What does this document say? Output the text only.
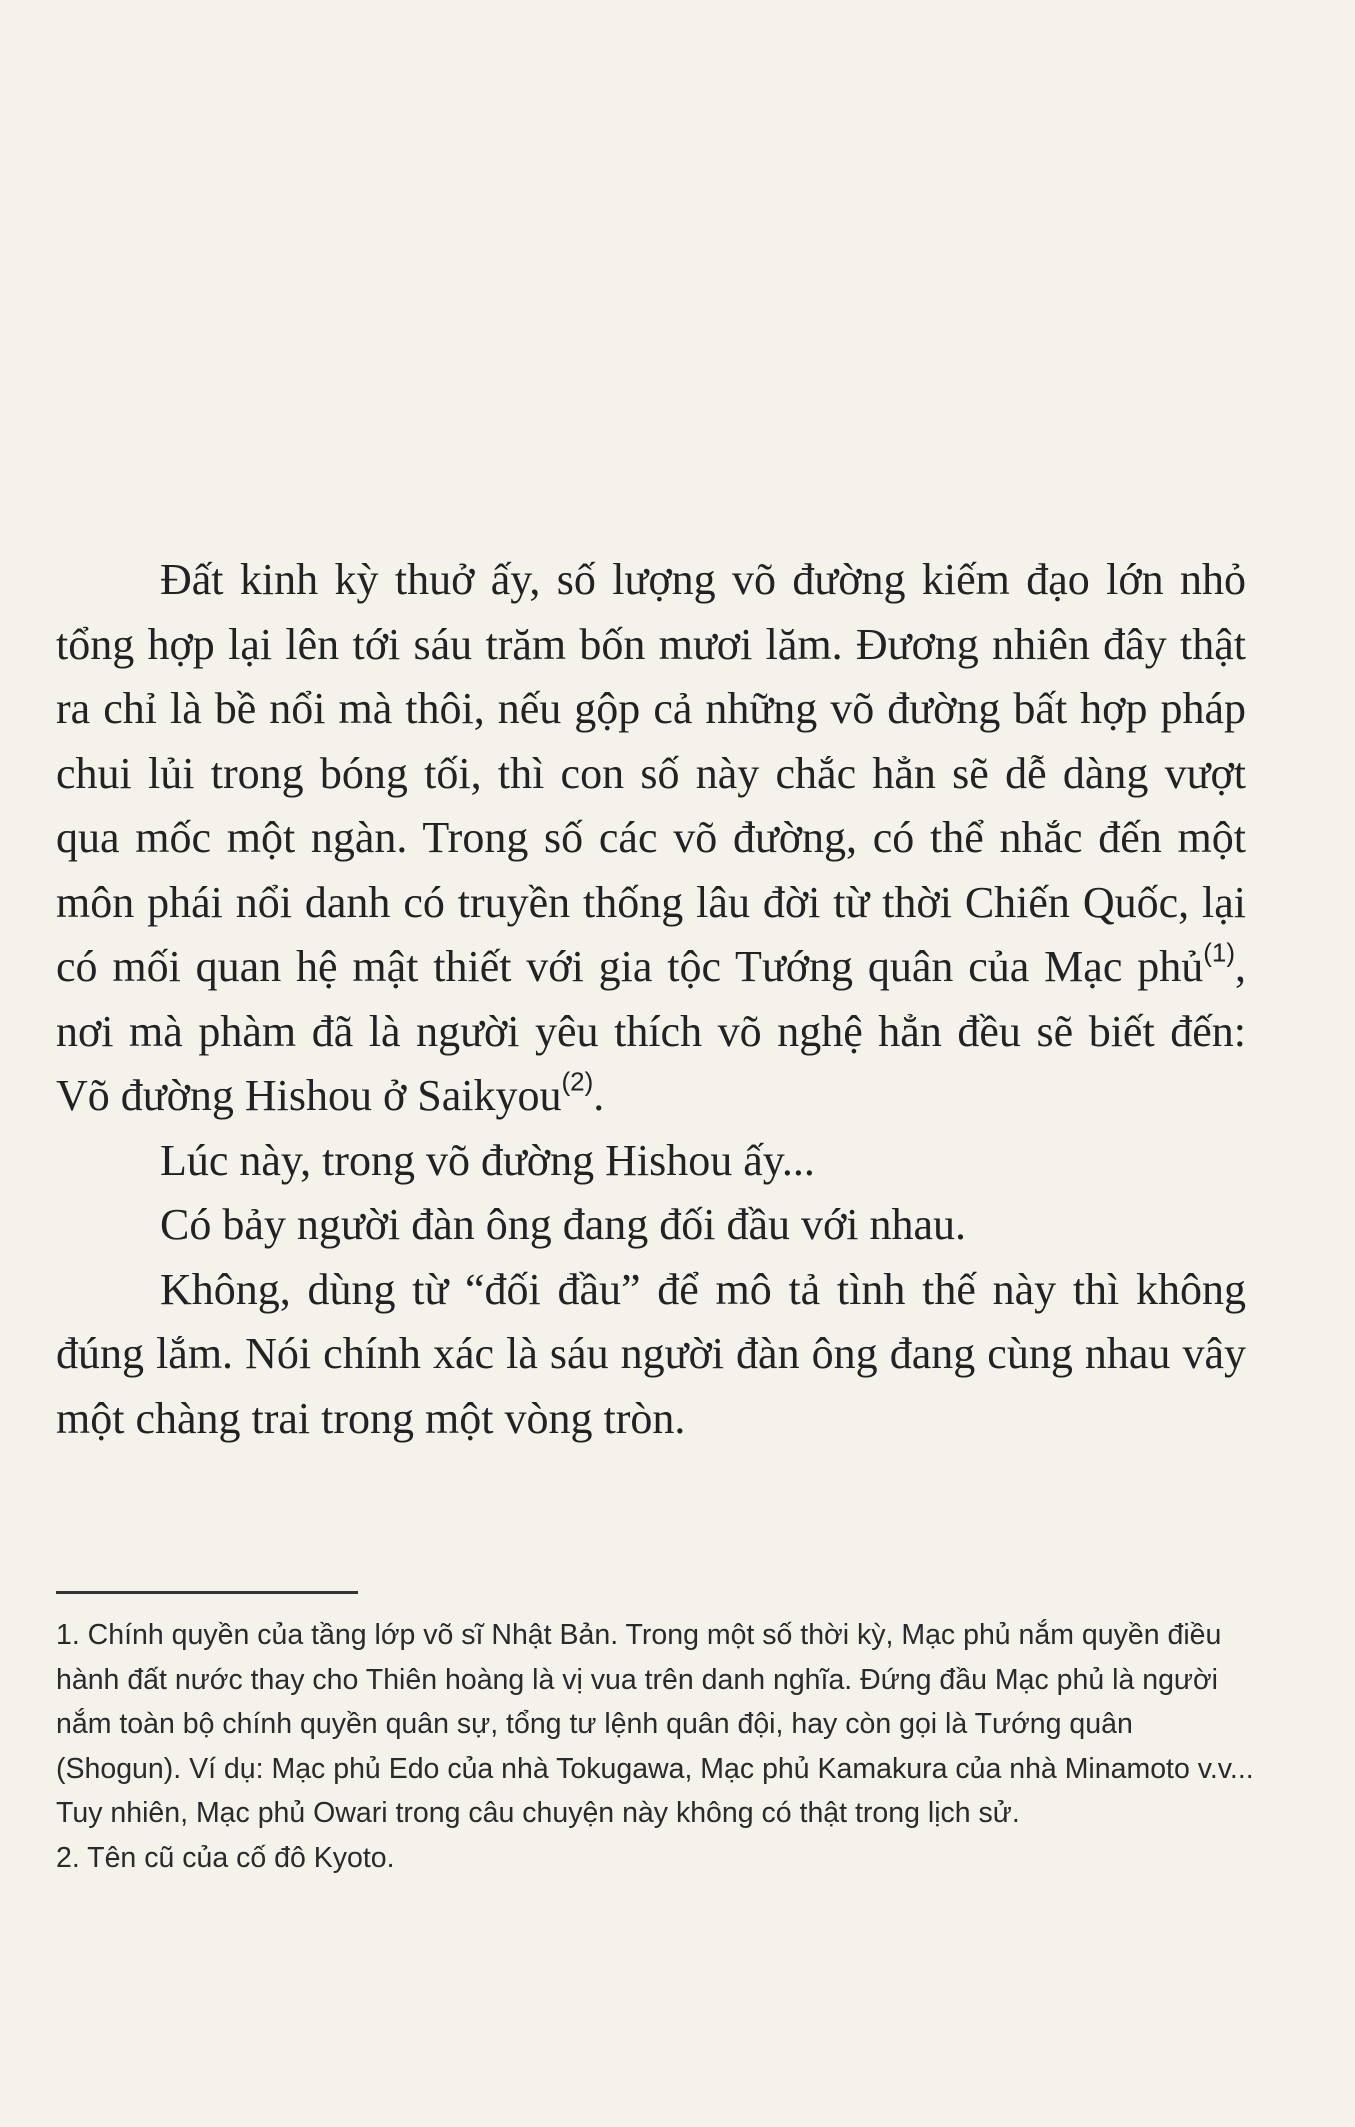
Đất kinh kỳ thuở ấy, số lượng võ đường kiếm đạo lớn nhỏ tổng hợp lại lên tới sáu trăm bốn mươi lăm. Đương nhiên đây thật ra chỉ là bề nổi mà thôi, nếu gộp cả những võ đường bất hợp pháp chui lủi trong bóng tối, thì con số này chắc hẳn sẽ dễ dàng vượt qua mốc một ngàn. Trong số các võ đường, có thể nhắc đến một môn phái nổi danh có truyền thống lâu đời từ thời Chiến Quốc, lại có mối quan hệ mật thiết với gia tộc Tướng quân của Mạc phủ$^{(1)}$, nơi mà phàm đã là người yêu thích võ nghệ hẳn đều sẽ biết đến: Võ đường Hishou ở Saikyou$^{(2)}$.

Lúc này, trong võ đường Hishou ấy...

Có bảy người đàn ông đang đối đầu với nhau.

Không, dùng từ “đối đầu” để mô tả tình thế này thì không đúng lắm. Nói chính xác là sáu người đàn ông đang cùng nhau vây một chàng trai trong một vòng tròn.

1. Chính quyền của tầng lớp võ sĩ Nhật Bản. Trong một số thời kỳ, Mạc phủ nắm quyền điều hành đất nước thay cho Thiên hoàng là vị vua trên danh nghĩa. Đứng đầu Mạc phủ là người nắm toàn bộ chính quyền quân sự, tổng tư lệnh quân đội, hay còn gọi là Tướng quân (Shogun). Ví dụ: Mạc phủ Edo của nhà Tokugawa, Mạc phủ Kamakura của nhà Minamoto v.v... Tuy nhiên, Mạc phủ Owari trong câu chuyện này không có thật trong lịch sử.

2. Tên cũ của cố đô Kyoto.
